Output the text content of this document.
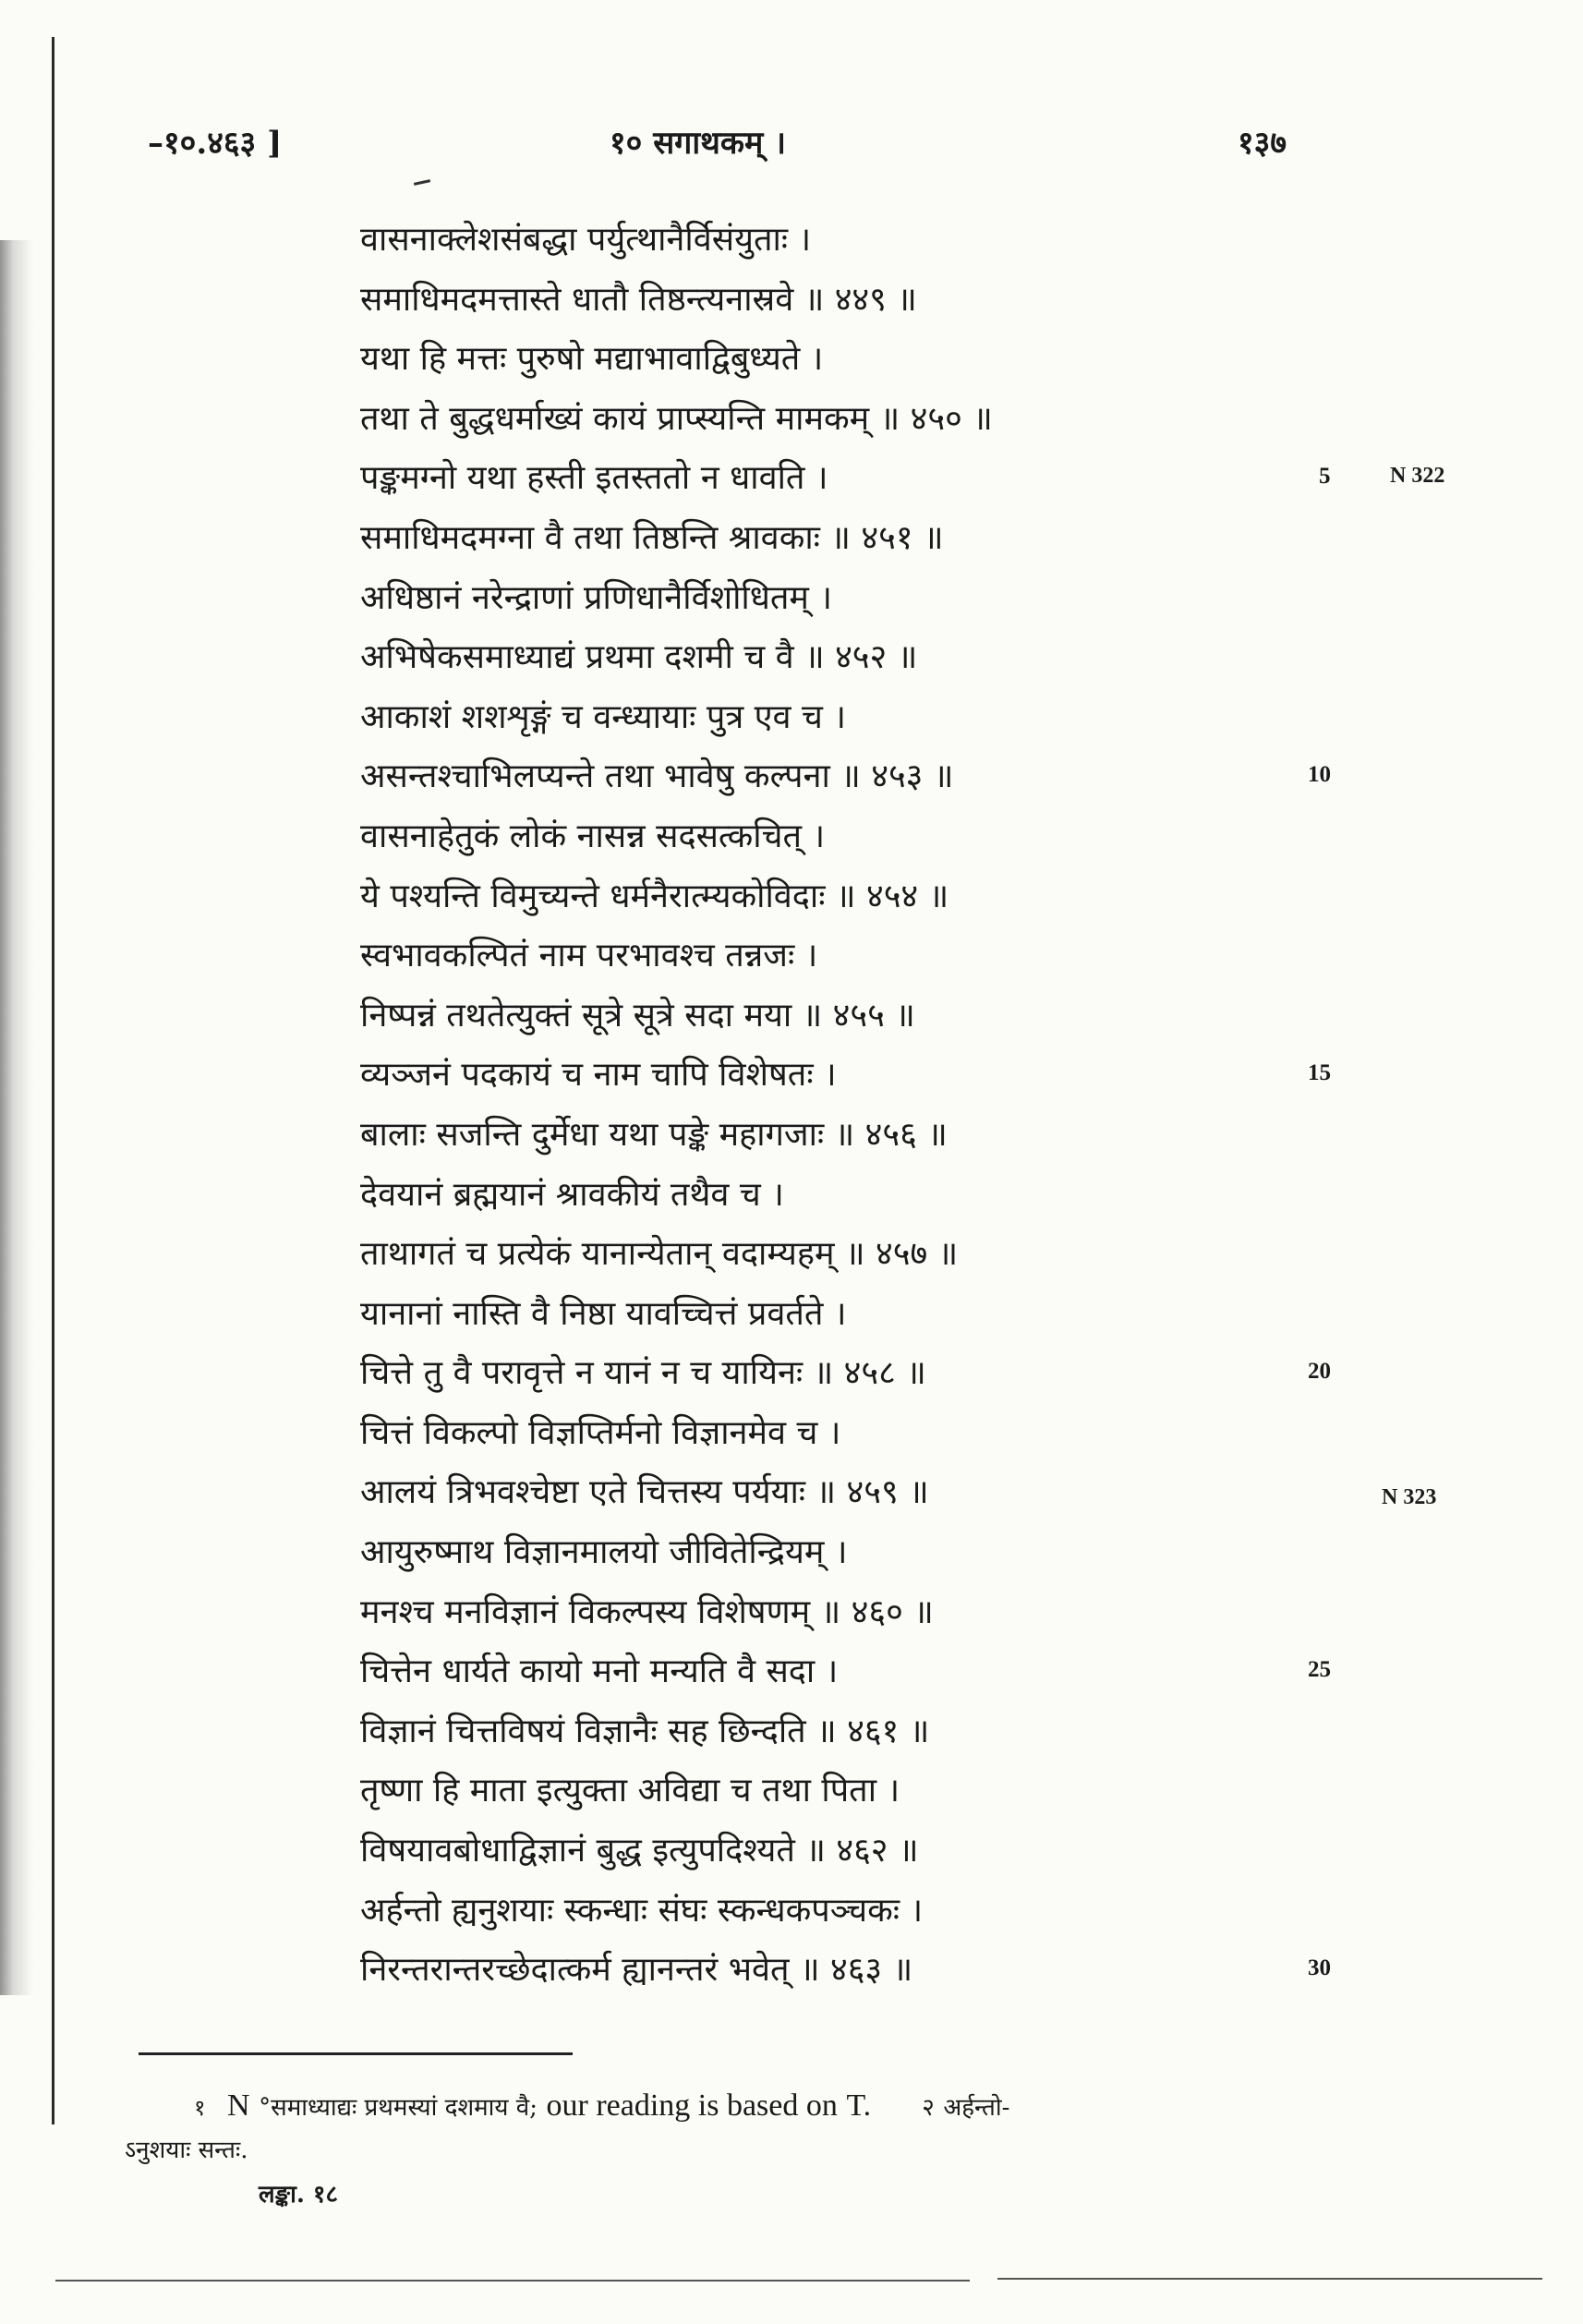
–१०.४६३ ]	१० सगाथकम् ।	१३७
वासनाक्लेशसंबद्धा पर्युत्थानैर्विसंयुताः ।
समाधिमदमत्तास्ते धातौ तिष्ठन्त्यनास्रवे ॥ ४४९ ॥
यथा हि मत्तः पुरुषो मद्याभावाद्विबुध्यते ।
तथा ते बुद्धधर्माख्यं कायं प्राप्स्यन्ति मामकम् ॥ ४५० ॥
पङ्कमग्नो यथा हस्ती इतस्ततो न धावति ।
समाधिमदमग्ना वै तथा तिष्ठन्ति श्रावकाः ॥ ४५१ ॥
अधिष्ठानं नरेन्द्राणां प्रणिधानैर्विशोधितम् ।
अभिषेकसमाध्याद्यं प्रथमा दशमी च वै ॥ ४५२ ॥
आकाशं शशशृङ्गं च वन्ध्यायाः पुत्र एव च ।
असन्तश्चाभिलप्यन्ते तथा भावेषु कल्पना ॥ ४५३ ॥
वासनाहेतुकं लोकं नासन्न सदसत्कचित् ।
ये पश्यन्ति विमुच्यन्ते धर्मनैरात्म्यकोविदाः ॥ ४५४ ॥
स्वभावकल्पितं नाम परभावश्च तन्नजः ।
निष्पन्नं तथतेत्युक्तं सूत्रे सूत्रे सदा मया ॥ ४५५ ॥
व्यञ्जनं पदकायं च नाम चापि विशेषतः ।
बालाः सजन्ति दुर्मेधा यथा पङ्के महागजाः ॥ ४५६ ॥
देवयानं ब्रह्मयानं श्रावकीयं तथैव च ।
ताथागतं च प्रत्येकं यानान्येतान् वदाम्यहम् ॥ ४५७ ॥
यानानां नास्ति वै निष्ठा यावच्चित्तं प्रवर्तते ।
चित्ते तु वै परावृत्ते न यानं न च यायिनः ॥ ४५८ ॥
चित्तं विकल्पो विज्ञप्तिर्मनो विज्ञानमेव च ।
आलयं त्रिभवश्चेष्टा एते चित्तस्य पर्ययाः ॥ ४५९ ॥
आयुरुष्माथ विज्ञानमालयो जीवितेन्द्रियम् ।
मनश्च मनविज्ञानं विकल्पस्य विशेषणम् ॥ ४६० ॥
चित्तेन धार्यते कायो मनो मन्यति वै सदा ।
विज्ञानं चित्तविषयं विज्ञानैः सह छिन्दति ॥ ४६१ ॥
तृष्णा हि माता इत्युक्ता अविद्या च तथा पिता ।
विषयावबोधाद्विज्ञानं बुद्ध इत्युपदिश्यते ॥ ४६२ ॥
अर्हन्तो ह्यनुशयाः स्कन्धाः संघः स्कन्धकपञ्चकः ।
निरन्तरान्तरच्छेदात्कर्म ह्यानन्तरं भवेत् ॥ ४६३ ॥
5
10
15
20
25
30
N 322
N 323
१ N °समाध्याद्यः प्रथमस्यां दशमाय वै; our reading is based on T. २ अर्हन्तो-
ऽनुशयाः सन्तः.
लङ्का. १८
